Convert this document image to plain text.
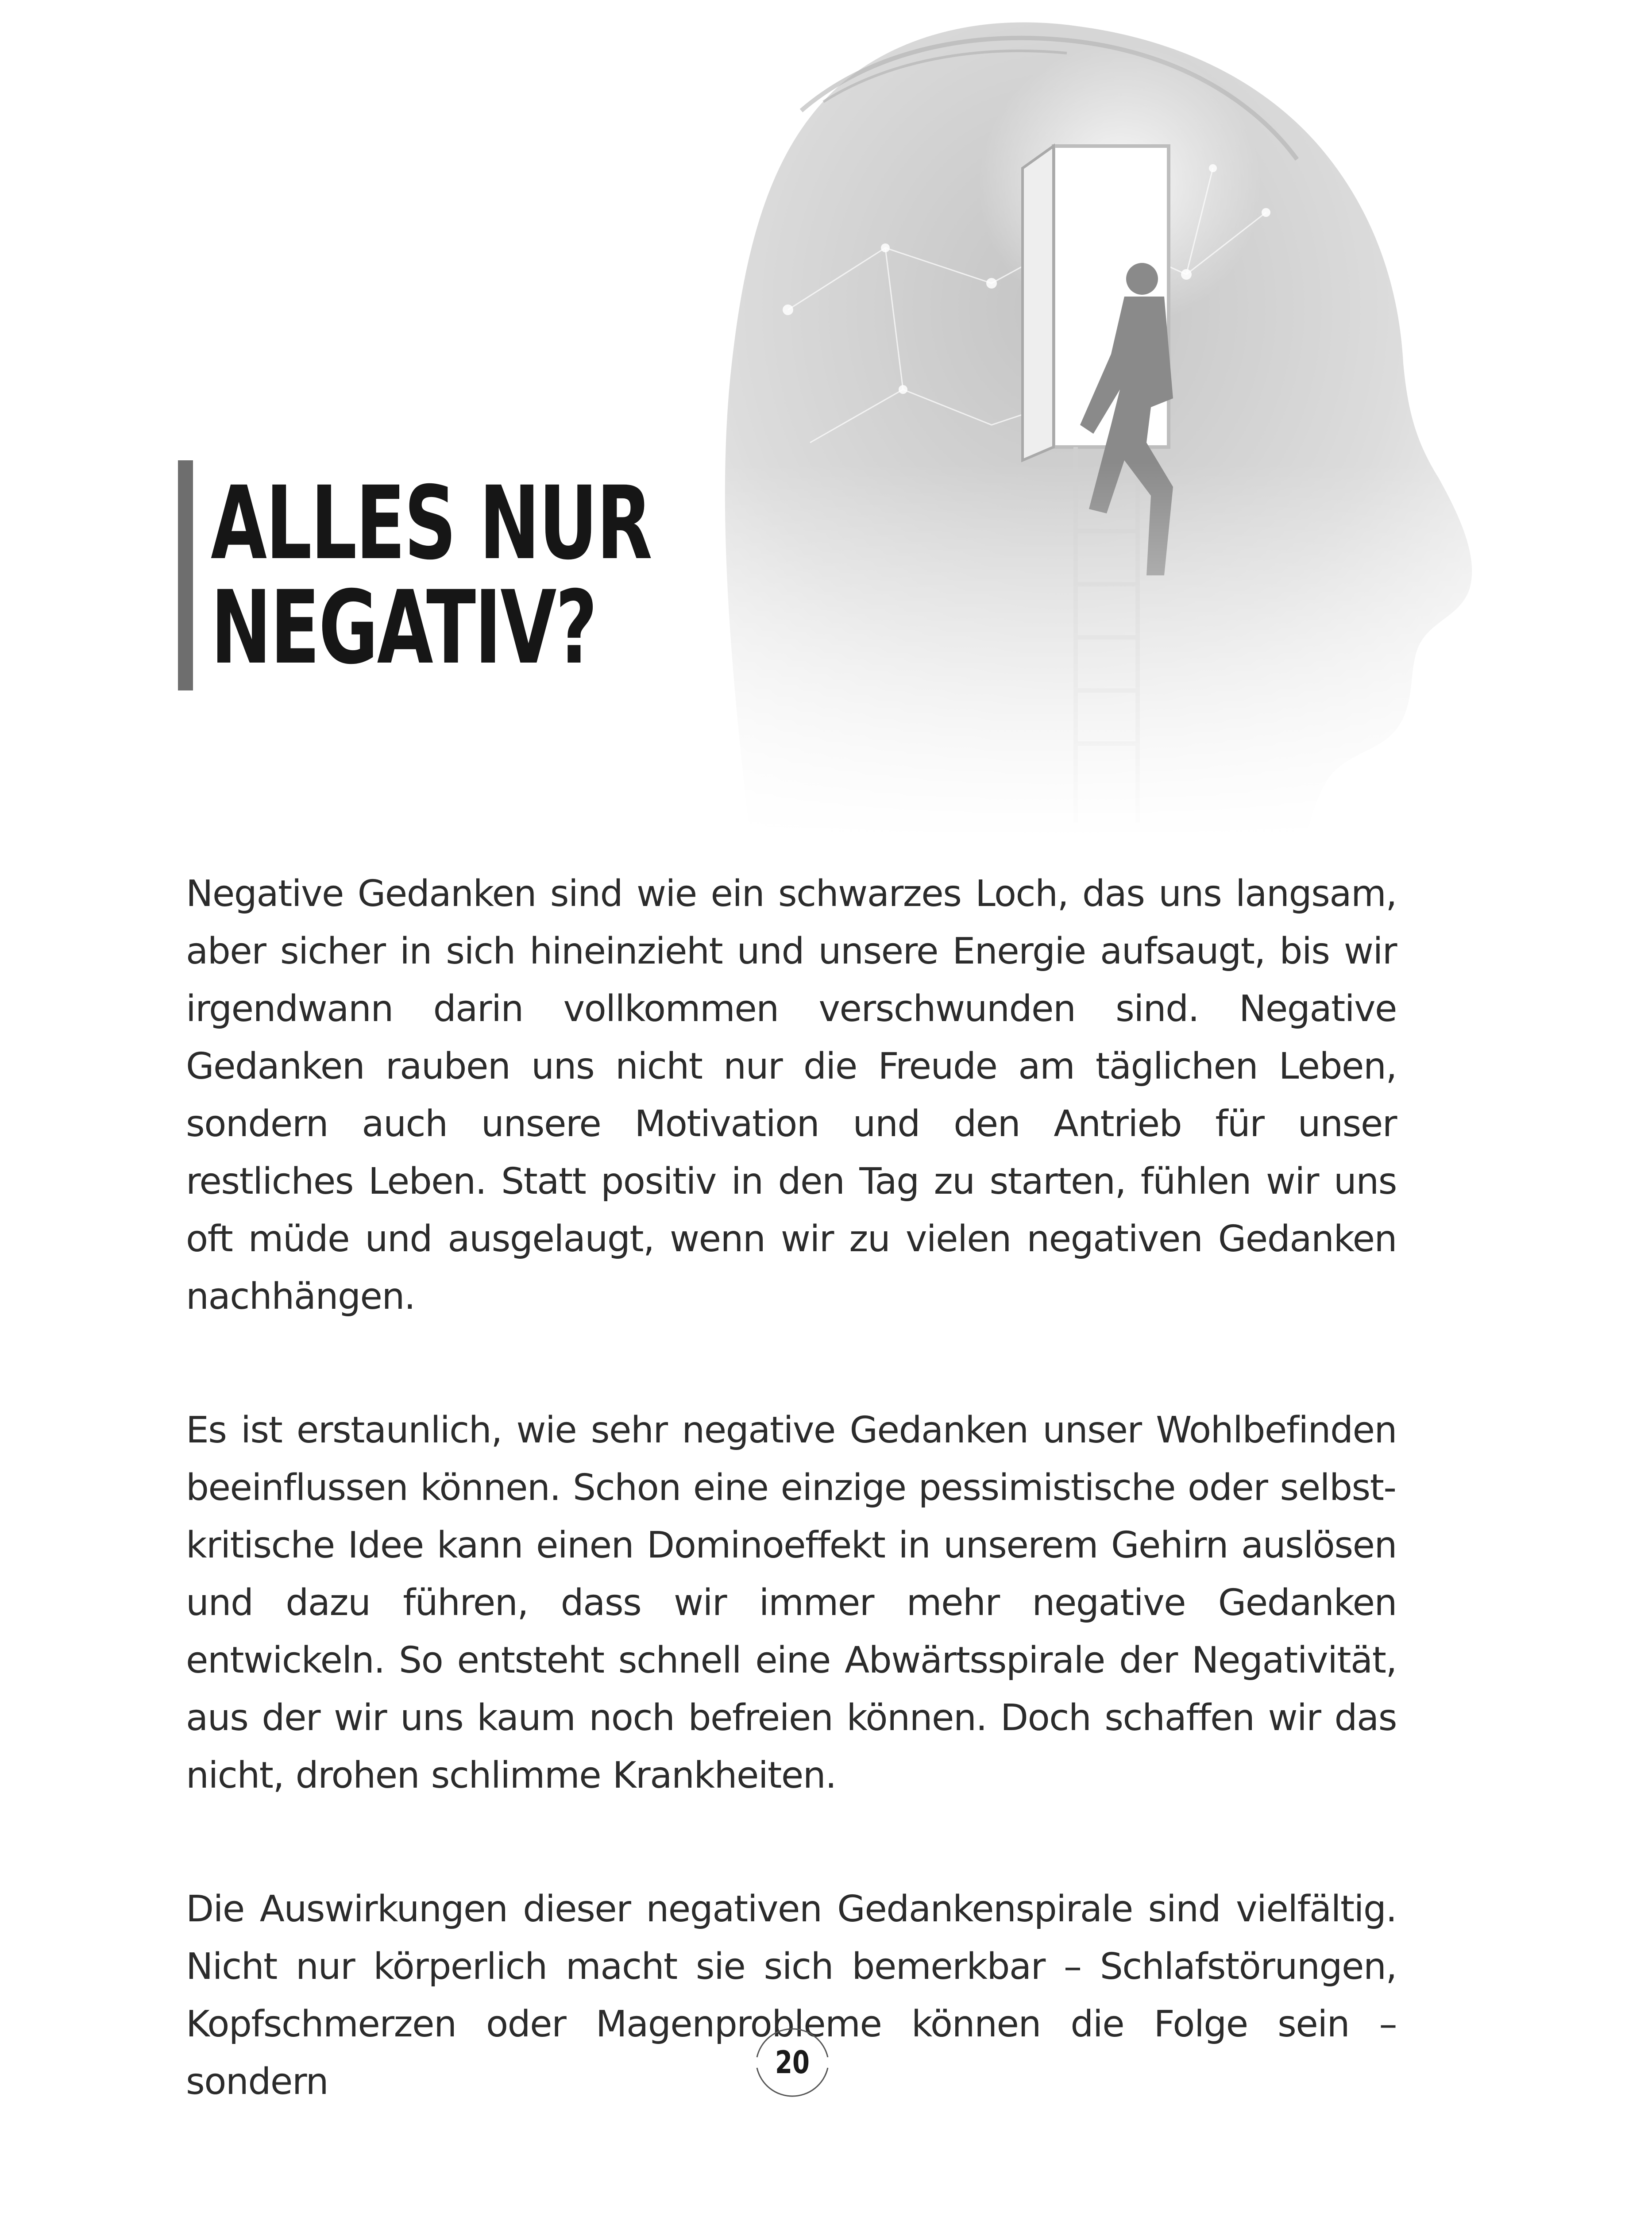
ALLES NUR
NEGATIV?

Negative Gedanken sind wie ein schwarzes Loch, das uns langsam, aber sicher in sich hineinzieht und unsere Energie aufsaugt, bis wir irgendwann darin vollkommen verschwunden sind. Negative Gedanken rauben uns nicht nur die Freude am täglichen Leben, sondern auch unsere Motivation und den Antrieb für unser restliches Leben. Statt positiv in den Tag zu starten, fühlen wir uns oft müde und ausgelaugt, wenn wir zu vielen negativen Gedanken nachhängen.

Es ist erstaunlich, wie sehr negative Gedanken unser Wohlbefinden beeinflussen können. Schon eine einzige pessimistische oder selbstkritische Idee kann einen Dominoeffekt in unserem Gehirn auslösen und dazu führen, dass wir immer mehr negative Gedanken entwickeln. So entsteht schnell eine Abwärtsspirale der Negativität, aus der wir uns kaum noch befreien können. Doch schaffen wir das nicht, drohen schlimme Krankheiten.

Die Auswirkungen dieser negativen Gedankenspirale sind vielfältig. Nicht nur körperlich macht sie sich bemerkbar – Schlafstörungen, Kopfschmerzen oder Magenprobleme können die Folge sein – sondern	20
